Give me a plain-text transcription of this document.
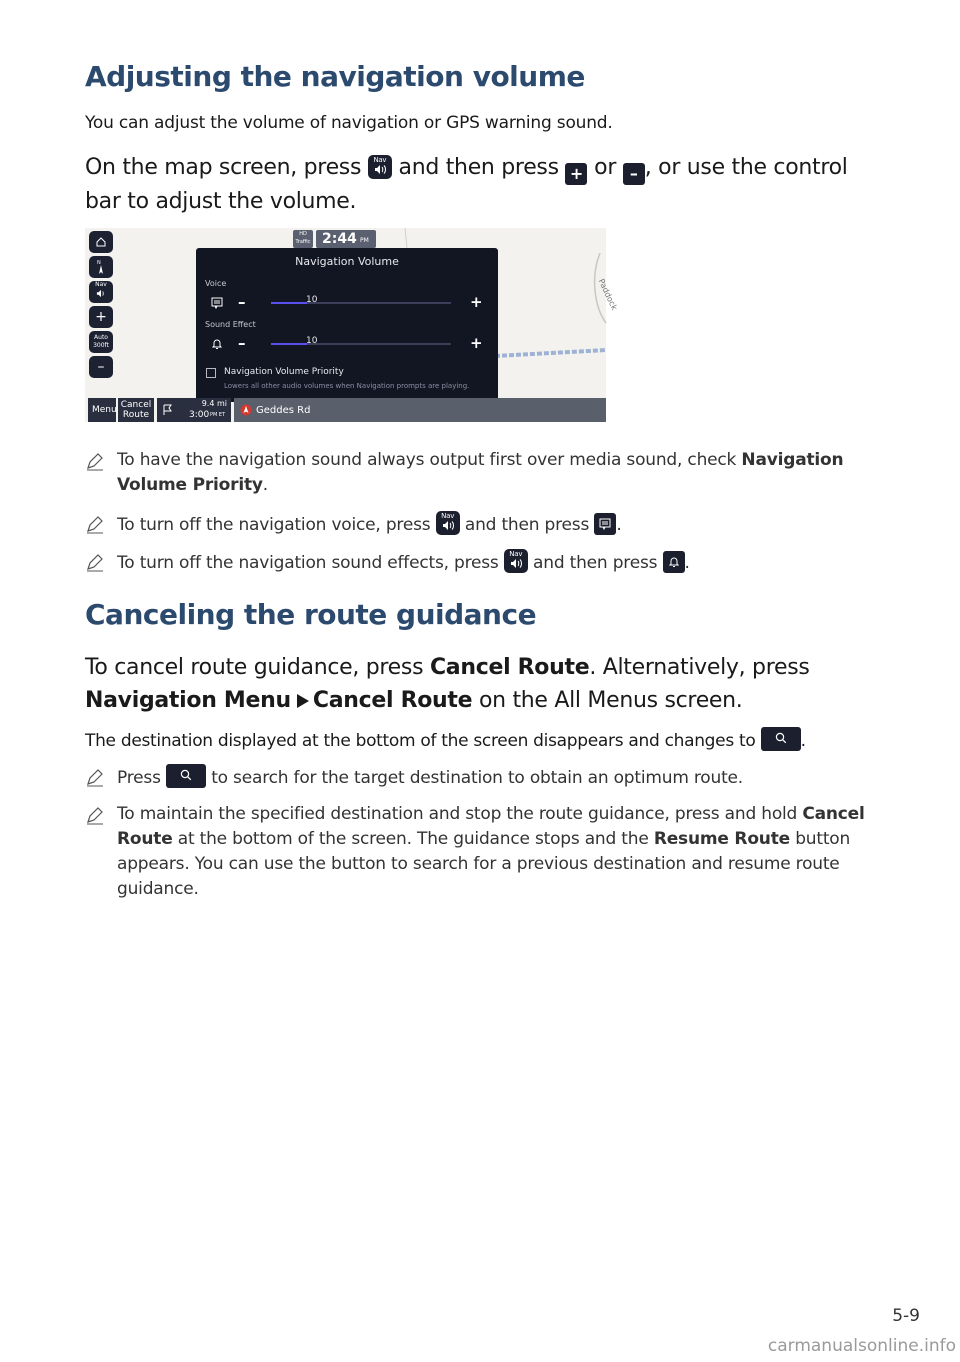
Adjusting the navigation volume
You can adjust the volume of navigation or GPS warning sound.
On the map screen, press	Nav and then press + or – , or use the control bar to adjust the volume.
To have the navigation sound always output first over media sound, check Navigation Volume Priority.
To turn off the navigation voice, press	Nav and then press .
To turn off the navigation sound effects, press	Nav and then press .
Canceling the route guidance
To cancel route guidance, press Cancel Route. Alternatively, press Navigation Menu Cancel Route on the All Menus screen.
The destination displayed at the bottom of the screen disappears and changes to	.
Press	to search for the target destination to obtain an optimum route.
To maintain the specified destination and stop the route guidance, press and hold Cancel Route at the bottom of the screen. The guidance stops and the Resume Route button appears. You can use the button to search for a previous destination and resume route guidance.
Paddock
N
Nav

+
Auto 300ft
–
HD Traffic 2:44 PM
Navigation Volume
Voice
–	10	+
Sound Effect
–	10	+
Navigation Volume Priority
Lowers all other audio volumes when Navigation prompts are playing.
Menu Cancel Route
9.4 mi
3:00 PM ET	Geddes Rd
5-9
carmanualsonline.info
